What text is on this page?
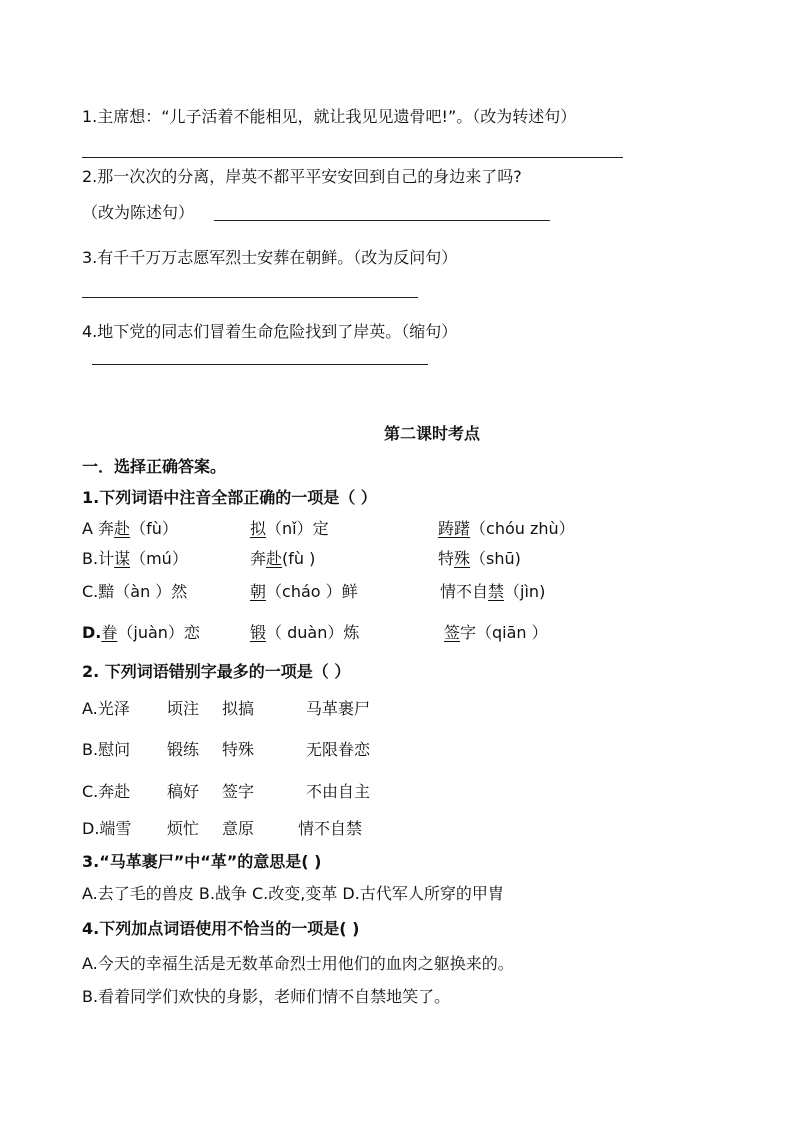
1.主席想：“儿子活着不能相见，就让我见见遗骨吧!”。（改为转述句）
2.那一次次的分离，岸英不都平平安安回到自己的身边来了吗?
（改为陈述句）
3.有千千万万志愿军烈士安葬在朝鲜。（改为反问句）
4.地下党的同志们冒着生命危险找到了岸英。（缩句）
第二课时考点
一．选择正确答案。
1.下列词语中注音全部正确的一项是（ ）
A 奔赴（fù）	拟（nǐ）定	踌躇（chóu zhù）
B.计谋（mú）	奔赴(fù )	特殊（shū)
C.黯（àn ）然	朝（cháo ）鲜	情不自禁（jìn)
D.眷（juàn）恋	锻（ duàn）炼	签字（qiān ）
2. 下列词语错别字最多的一项是（ ）
A.光泽 顷注 拟搞	马革裹尸
B.慰问 锻练 特殊	无限眷恋
C.奔赴 稿好 签字	不由自主
D.端雪 烦忙 意原	情不自禁
3.“马革裹尸”中“革”的意思是( )
A.去了毛的兽皮 B.战争 C.改变,变革 D.古代军人所穿的甲胄
4.下列加点词语使用不恰当的一项是( )
A.今天的幸福生活是无数革命烈士用他们的血肉之躯换来的。
B.看着同学们欢快的身影，老师们情不自禁地笑了。
